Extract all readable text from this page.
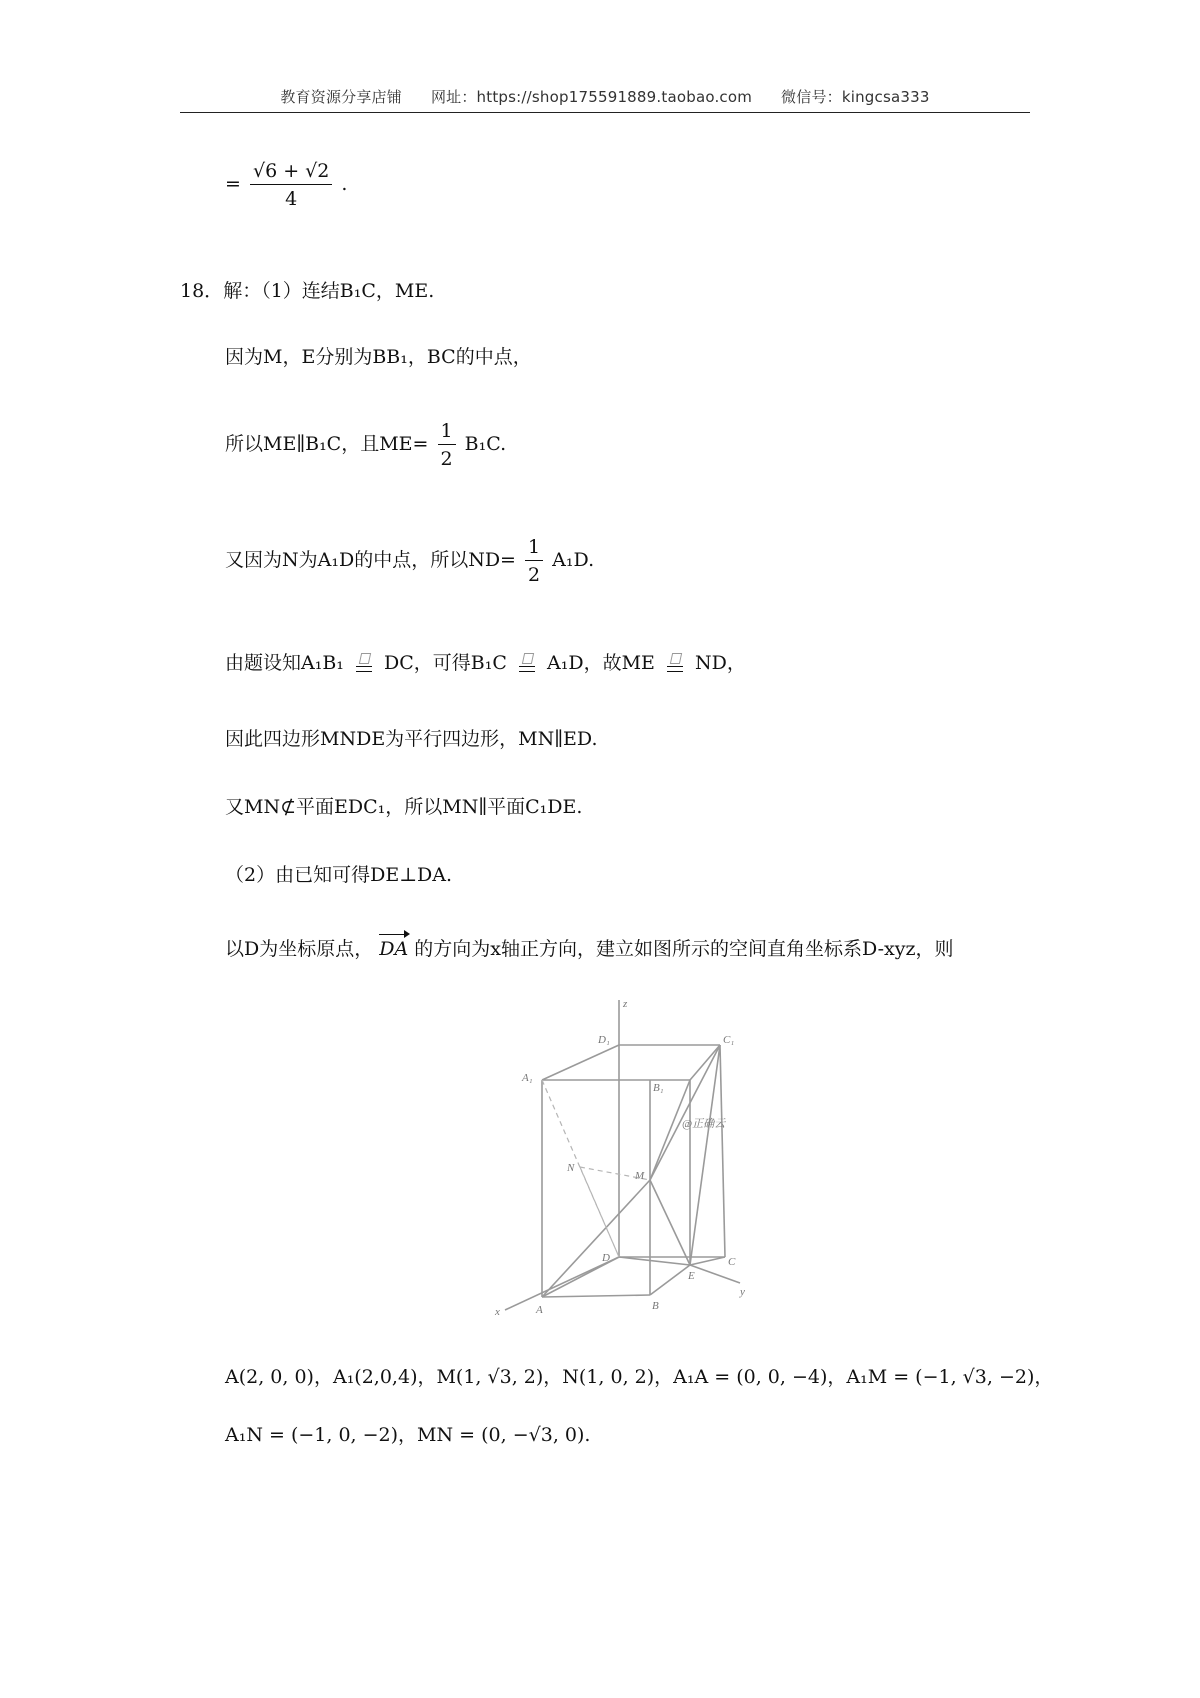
教育资源分享店铺 网址：https://shop175591889.taobao.com 微信号：kingcsa333
= $\frac{√6 + √2}{4}$ .
18．解：（1）连结B₁C，ME.
因为M，E分别为BB₁，BC的中点，
所以ME∥B₁C，且$ME= \frac{1}{2} B_1C$.
又因为N为A₁D的中点，所以$ND= \frac{1}{2} A_1D$.
由题设知A₁B₁ DC，可得B₁C A₁D，故ME ND，
因此四边形MNDE为平行四边形，MN∥ED.
又MN⊄平面EDC₁，所以MN∥平面C₁DE.
（2）由已知可得DE⊥DA.
以D为坐标原点， DA 的方向为x轴正方向，建立如图所示的空间直角坐标系D-xyz，则
z
D₁	C₁
A₁
B₁
N
M
D	C
x	A	B
E
y
@正确云
A(2, 0, 0)，A₁(2,0,4)，M(1, √3, 2)，N(1, 0, 2)，A₁A = (0, 0, −4)，A₁M = (−1, √3, −2)，
A₁N = (−1, 0, −2)，MN = (0, −√3, 0).
